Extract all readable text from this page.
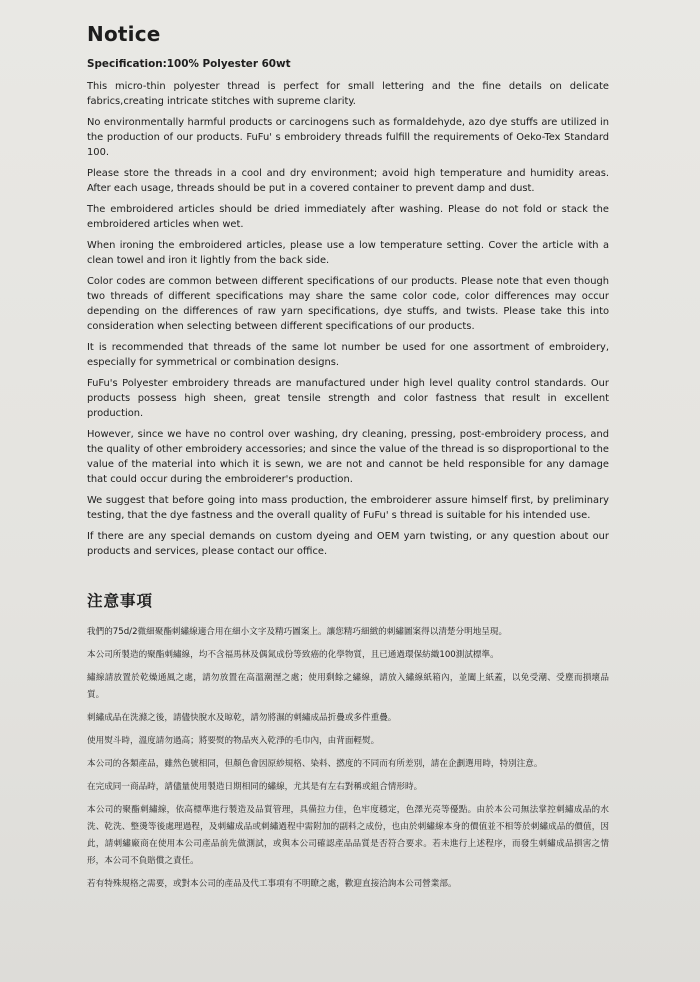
Notice
Specification:100% Polyester 60wt

This micro-thin polyester thread is perfect for small lettering and the fine details on delicate fabrics,creating intricate stitches with supreme clarity.

No environmentally harmful products or carcinogens such as formaldehyde, azo dye stuffs are utilized in the production of our products. FuFu' s embroidery threads fulfill the requirements of Oeko-Tex Standard 100.

Please store the threads in a cool and dry environment; avoid high temperature and humidity areas. After each usage, threads should be put in a covered container to prevent damp and dust.

The embroidered articles should be dried immediately after washing. Please do not fold or stack the embroidered articles when wet.

When ironing the embroidered articles, please use a low temperature setting. Cover the article with a clean towel and iron it lightly from the back side.

Color codes are common between different specifications of our products. Please note that even though two threads of different specifications may share the same color code, color differences may occur depending on the differences of raw yarn specifications, dye stuffs, and twists. Please take this into consideration when selecting between different specifications of our products.

It is recommended that threads of the same lot number be used for one assortment of embroidery, especially for symmetrical or combination designs.

FuFu's Polyester embroidery threads are manufactured under high level quality control standards. Our products possess high sheen, great tensile strength and color fastness that result in excellent production.

However, since we have no control over washing, dry cleaning, pressing, post-embroidery process, and the quality of other embroidery accessories; and since the value of the thread is so disproportional to the value of the material into which it is sewn, we are not and cannot be held responsible for any damage that could occur during the embroiderer's production.

We suggest that before going into mass production, the embroiderer assure himself first, by preliminary testing, that the dye fastness and the overall quality of FuFu' s thread is suitable for his intended use.

If there are any special demands on custom dyeing and OEM yarn twisting, or any question about our products and services, please contact our office.

注意事項

我們的75d/2微細聚酯刺繡線適合用在細小文字及精巧圖案上。讓您精巧細緻的刺繡圖案得以清楚分明地呈現。

本公司所製造的聚酯刺繡線，均不含福馬林及偶氮成份等致癌的化學物質，且已通過環保紡織100測試標準。

繡線請放置於乾燥通風之處，請勿放置在高溫潮溼之處；使用剩餘之繡線，請放入繡線紙箱內，並闔上紙蓋，以免受潮、受塵而損壞品質。

刺繡成品在洗滌之後，請儘快脫水及晾乾，請勿將濕的刺繡成品折疊或多件重疊。

使用熨斗時，溫度請勿過高；將要熨的物品夾入乾淨的毛巾內，由背面輕熨。

本公司的各類產品，雖然色號相同，但顏色會因原紗規格、染料、撚度的不同而有所差別，請在企劃選用時，特別注意。

在完成同一商品時，請儘量使用製造日期相同的繡線，尤其是有左右對稱或組合情形時。

本公司的聚酯刺繡線，依高標準進行製造及品質管理，具備拉力佳，色牢度穩定，色澤光亮等優點。由於本公司無法掌控刺繡成品的水洗、乾洗、整燙等後處理過程，及刺繡成品或刺繡過程中需附加的副料之成份，也由於刺繡線本身的價值並不相等於刺繡成品的價值，因此，請刺繡廠商在使用本公司產品前先做測試，或與本公司確認產品品質是否符合要求。若未進行上述程序，而發生刺繡成品損害之情形，本公司不負賠償之責任。

若有特殊規格之需要，或對本公司的產品及代工事項有不明瞭之處，歡迎直接洽詢本公司營業部。
